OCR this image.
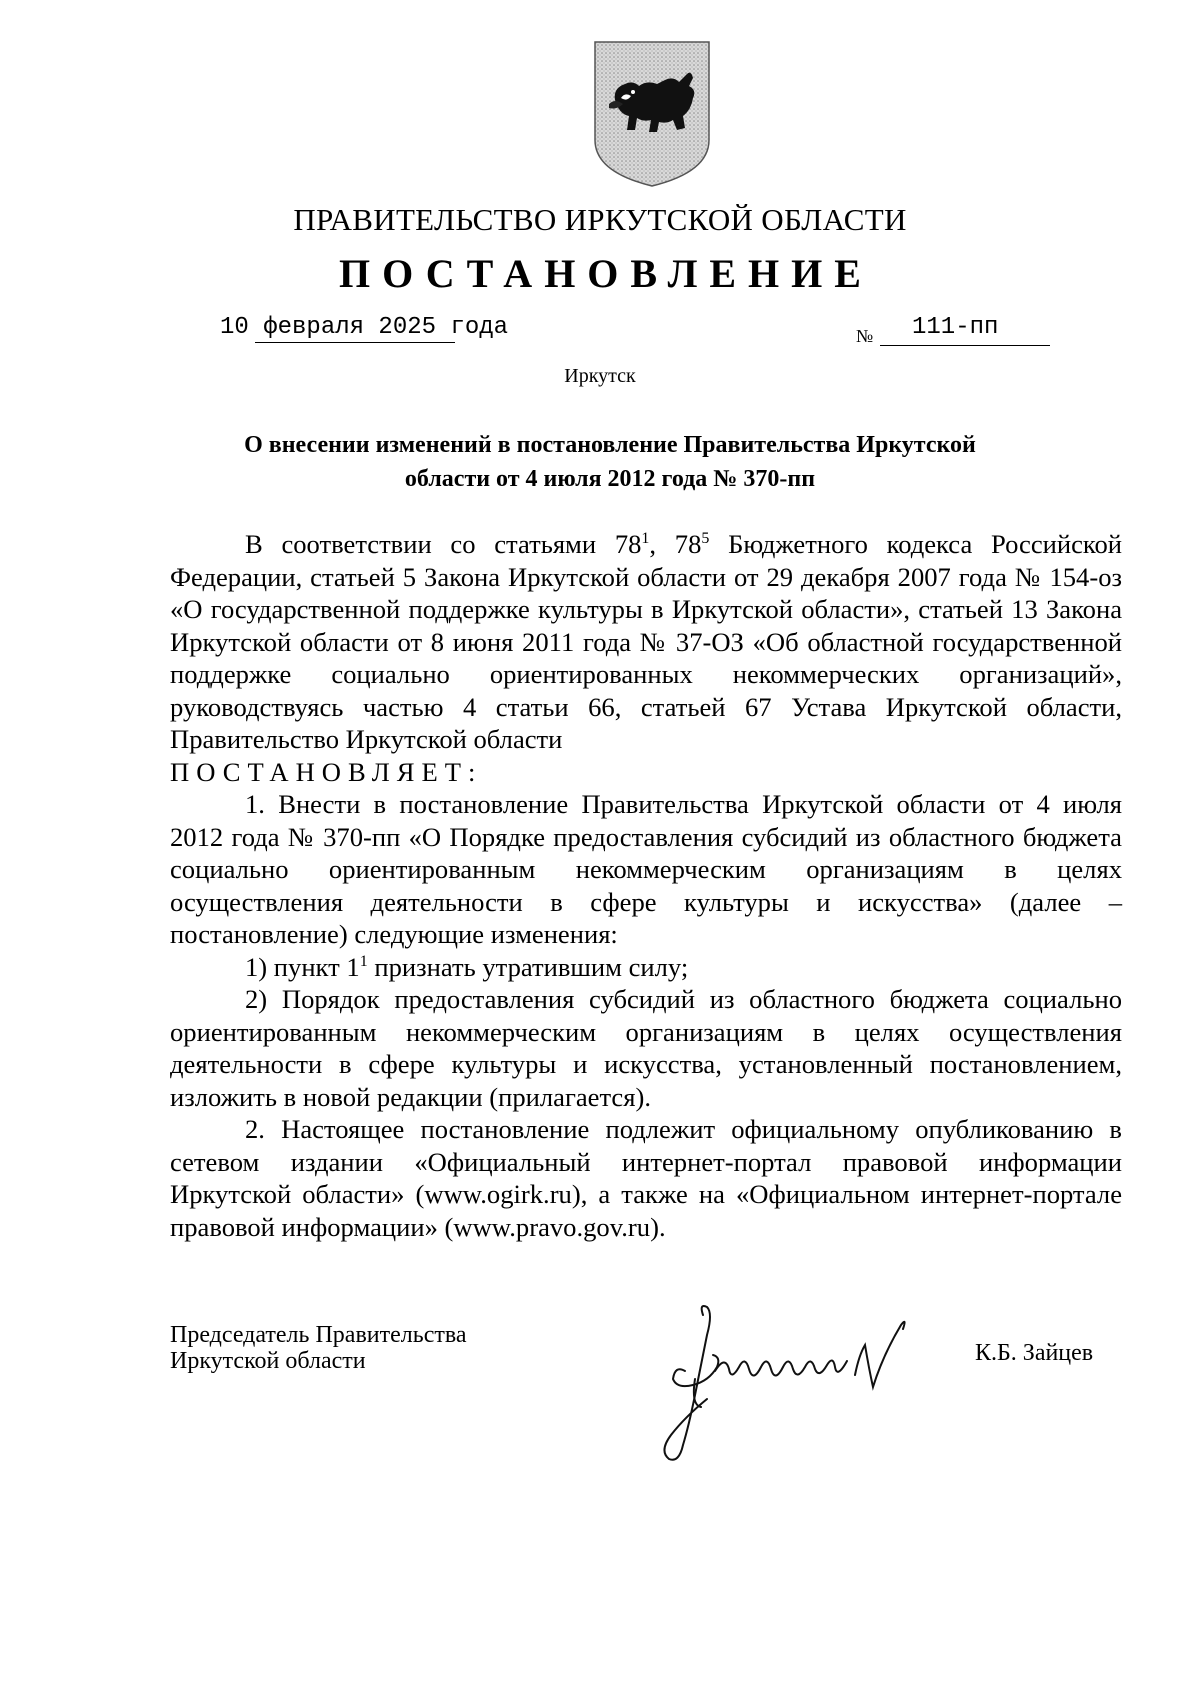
ПРАВИТЕЛЬСТВО ИРКУТСКОЙ ОБЛАСТИ
ПОСТАНОВЛЕНИЕ
10 февраля 2025 года	№ 111-пп
Иркутск
О внесении изменений в постановление Правительства Иркутской
области от 4 июля 2012 года № 370-пп

В соответствии со статьями $78^1$, $78^5$ Бюджетного кодекса Российской Федерации, статьей 5 Закона Иркутской области от 29 декабря 2007 года № 154-оз «О государственной поддержке культуры в Иркутской области», статьей 13 Закона Иркутской области от 8 июня 2011 года № 37-ОЗ «Об областной государственной поддержке социально ориентированных некоммерческих организаций», руководствуясь частью 4 статьи 66, статьей 67 Устава Иркутской области, Правительство Иркутской области

ПОСТАНОВЛЯЕТ:

1. Внести в постановление Правительства Иркутской области от 4 июля 2012 года № 370-пп «О Порядке предоставления субсидий из областного бюджета социально ориентированным некоммерческим организациям в целях осуществления деятельности в сфере культуры и искусства» (далее – постановление) следующие изменения:

1) пункт $1^1$ признать утратившим силу;

2) Порядок предоставления субсидий из областного бюджета социально ориентированным некоммерческим организациям в целях осуществления деятельности в сфере культуры и искусства, установленный постановлением, изложить в новой редакции (прилагается).

2. Настоящее постановление подлежит официальному опубликованию в сетевом издании «Официальный интернет-портал правовой информации Иркутской области» (www.ogirk.ru), а также на «Официальном интернет-портале правовой информации» (www.pravo.gov.ru).

Председатель Правительства
Иркутской области	К.Б. Зайцев
